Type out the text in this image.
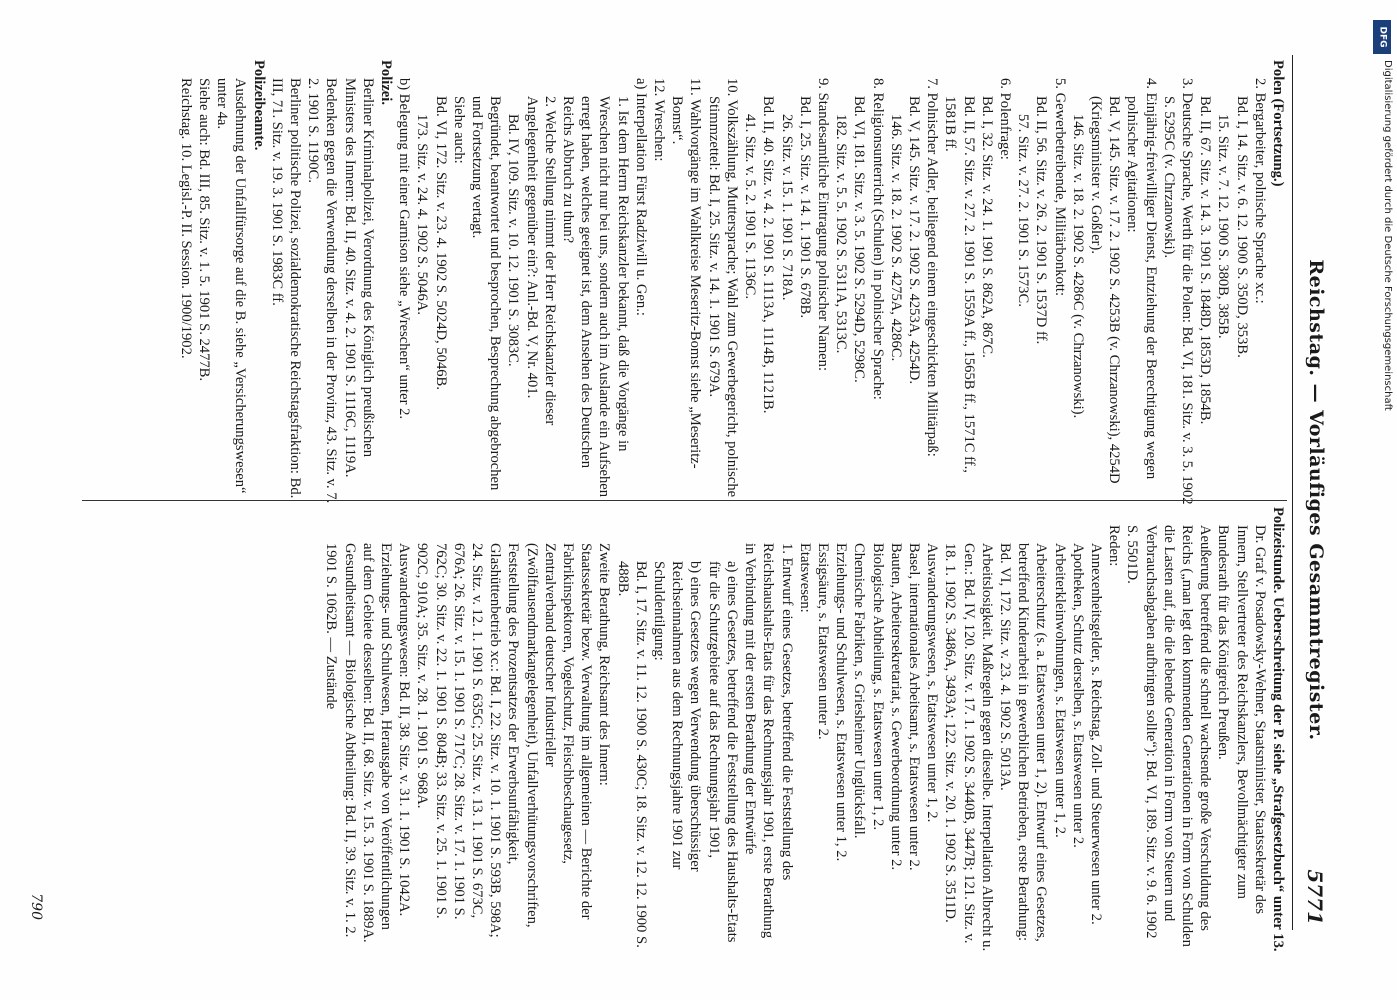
Reichstag. — Vorläufiges Gesammtregister.
5771

Polen (Fortsetzung.)

2. Bergarbeiter, polnische Sprache xc.:

Bd. I, 14. Sitz. v. 6. 12. 1900 S. 350D, 353B.

15. Sitz. v. 7. 12. 1900 S. 380B, 385B.

Bd. II, 67. Sitz. v. 14. 3. 1901 S. 1848D, 1853D, 1854B.

3. Deutsche Sprache, Werth für die Polen: Bd. VI, 181. Sitz. v. 3. 5. 1902 S. 5295C (v. Chrzanowski).

4. Einjährig-freiwilliger Dienst, Entziehung der Berechtigung wegen polnischer Agitationen:

Bd. V, 145. Sitz. v. 17. 2. 1902 S. 4253B (v. Chrzanowski), 4254D (Kriegsminister v. Goßler).

146. Sitz. v. 18. 2. 1902 S. 4286C (v. Chrzanowski).

5. Gewerbetreibende, Militärbonkott:

Bd. II, 56. Sitz. v. 26. 2. 1901 S. 1537D ff.

57. Sitz. v. 27. 2. 1901 S. 1573C.

6. Polenfrage:

Bd. I, 32. Sitz. v. 24. 1. 1901 S. 862A, 867C.

Bd. II, 57. Sitz. v. 27. 2. 1901 S. 1559A ff., 1565B ff., 1571C ff., 1581B ff.

7. Polnischer Adler, beiliegend einem eingeschickten Militärpaß:

Bd. V, 145. Sitz. v. 17. 2. 1902 S. 4253A, 4254D.

146. Sitz. v. 18. 2. 1902 S. 4275A, 4286C.

8. Religionsunterricht (Schulen) in polnischer Sprache:

Bd. VI, 181. Sitz. v. 3. 5. 1902 S. 5294D, 5298C.

182. Sitz. v. 5. 5. 1902 S. 5311A, 5313C.

9. Standesamtliche Eintragung polnischer Namen:

Bd. I, 25. Sitz. v. 14. 1. 1901 S. 678B.

26. Sitz. v. 15. 1. 1901 S. 718A.

Bd. II, 40. Sitz. v. 4. 2. 1901 S. 1113A, 1114B, 1121B.

41. Sitz. v. 5. 2. 1901 S. 1136C.

10. Volkszählung, Muttersprache; Wahl zum Gewerbegericht, polnische Stimmzettel: Bd. I, 25. Sitz. v. 14. 1. 1901 S. 679A.

11. Wahlvorgänge im Wahlkreise Meseritz-Bomst siehe „Meseritz-Bomst“.

12. Wreschen:

a) Interpellation Fürst Radziwill u. Gen.:

1. Ist dem Herrn Reichskanzler bekannt, daß die Vorgänge in Wreschen nicht nur bei uns, sondern auch im Auslande ein Aufsehen erregt haben, welches geeignet ist, dem Ansehen des Deutschen Reichs Abbruch zu thun?

2. Welche Stellung nimmt der Herr Reichskanzler dieser Angelegenheit gegenüber ein?: Anl.-Bd. V, Nr. 401.

Bd. IV, 109. Sitz. v. 10. 12. 1901 S. 3083C.

Begründet, beantwortet und besprochen, Besprechung abgebrochen und Fortsetzung vertagt.

Siehe auch:

Bd. VI, 172. Sitz. v. 23. 4. 1902 S. 5024D, 5046B.

173. Sitz. v. 24. 4. 1902 S. 5046A.

b) Belegung mit einer Garnison siehe „Wreschen“ unter 2.

Polizei.

Berliner Kriminalpolizei, Verordnung des Königlich preußischen Ministers des Innern: Bd. II, 40. Sitz. v. 4. 2. 1901 S. 1116C, 1119A. Bedenken gegen die Verwendung derselben in der Provinz, 43. Sitz. v. 7. 2. 1901 S. 1190C.

Berliner politische Polizei, sozialdemokratische Reichstagsfraktion: Bd. III, 71. Sitz. v. 19. 3. 1901 S. 1983C ff.

Polizeibeamte.

Ausdehnung der Unfallfürsorge auf die B. siehe „Versicherungswesen“ unter 4a.

Siehe auch: Bd. III, 85. Sitz. v. 1. 5. 1901 S. 2477B.

Reichstag. 10. Legisl.-P. II. Session. 1900/1902.

Polizeistunde. Ueberschreitung der P. siehe „Strafgesetzbuch“ unter 13.

Dr. Graf v. Posadowsky-Wehner, Staatsminister, Staatssekretär des Innern, Stellvertreter des Reichskanzlers, Bevollmächtigter zum Bundesrath für das Königreich Preußen.

Aeußerung betreffend die schnell wachsende große Verschuldung des Reichs („man legt den kommenden Generationen in Form von Schulden die Lasten auf, die die lebende Generation in Form von Steuern und Verbrauchsabgaben aufbringen sollte“): Bd. VI, 189. Sitz. v. 9. 6. 1902 S. 5501D.

Reden:

Annexenheitsgelder, s. Reichstag, Zoll- und Steuerwesen unter 2.

Apotheken, Schutz derselben, s. Etatswesen unter 2.

Arbeiterkleinwohnungen, s. Etatswesen unter 1, 2.

Arbeiterschutz (s. a. Etatswesen unter 1, 2). Entwurf eines Gesetzes, betreffend Kinderarbeit in gewerblichen Betrieben, erste Berathung: Bd. VI, 172. Sitz. v. 23. 4. 1902 S. 5013A.

Arbeitslosigkeit. Maßregeln gegen dieselbe. Interpellation Albrecht u. Gen.: Bd. IV, 120. Sitz. v. 17. 1. 1902 S. 3440B, 3447B; 121. Sitz. v. 18. 1. 1902 S. 3486A, 3493A; 122. Sitz. v. 20. 1. 1902 S. 3511D.

Auswanderungswesen, s. Etatswesen unter 1, 2.

Basel, internationales Arbeitsamt, s. Etatswesen unter 2.

Bauten, Arbeitersekretariat, s. Gewerbeordnung unter 2.

Biologische Abtheilung, s. Etatswesen unter 1, 2.

Chemische Fabriken, s. Griesheimer Unglücksfall.

Erziehungs- und Schulwesen, s. Etatswesen unter 1, 2.

Essigsäure, s. Etatswesen unter 2.

Etatswesen:

1. Entwurf eines Gesetzes, betreffend die Feststellung des Reichshaushalts-Etats für das Rechnungsjahr 1901, erste Berathung in Verbindung mit der ersten Berathung der Entwürfe

a) eines Gesetzes, betreffend die Feststellung des Haushalts-Etats für die Schutzgebiete auf das Rechnungsjahr 1901,

b) eines Gesetzes wegen Verwendung überschüssiger Reichseinnahmen aus dem Rechnungsjahre 1901 zur Schuldentilgung:

Bd. I, 17. Sitz. v. 11. 12. 1900 S. 430C; 18. Sitz. v. 12. 12. 1900 S. 488B.

Zweite Berathung, Reichsamt des Innern:

Staatssekretär bezw. Verwaltung im allgemeinen — Berichte der Fabrikinspektoren, Vogelschutz, Fleischbeschaugesetz, Zentralverband deutscher Industrieller (Zwölftausendmarkangelegenheit), Unfallverhütungsvorschriften, Feststellung des Prozentsatzes der Erwerbsunfähigkeit, Glashüttenbetrieb xc.: Bd. I, 22. Sitz. v. 10. 1. 1901 S. 593B, 598A; 24. Sitz. v. 12. 1. 1901 S. 635C; 25. Sitz. v. 13. 1. 1901 S. 673C, 676A; 26. Sitz. v. 15. 1. 1901 S. 717C; 28. Sitz. v. 17. 1. 1901 S. 762C; 30. Sitz. v. 22. 1. 1901 S. 804B; 33. Sitz. v. 25. 1. 1901 S. 902C, 910A; 35. Sitz. v. 28. 1. 1901 S. 968A.

Auswanderungswesen: Bd. II, 38. Sitz. v. 31. 1. 1901 S. 1042A.

Erziehungs- und Schulwesen, Herausgabe von Veröffentlichungen auf dem Gebiete desselben: Bd. II, 68. Sitz. v. 15. 3. 1901 S. 1889A.

Gesundheitsamt — Biologische Abtheilung: Bd. II, 39. Sitz. v. 1. 2. 1901 S. 1062B. — Zustände

790
DFG
Digitalisierung gefördert durch die Deutsche Forschungsgemeinschaft
